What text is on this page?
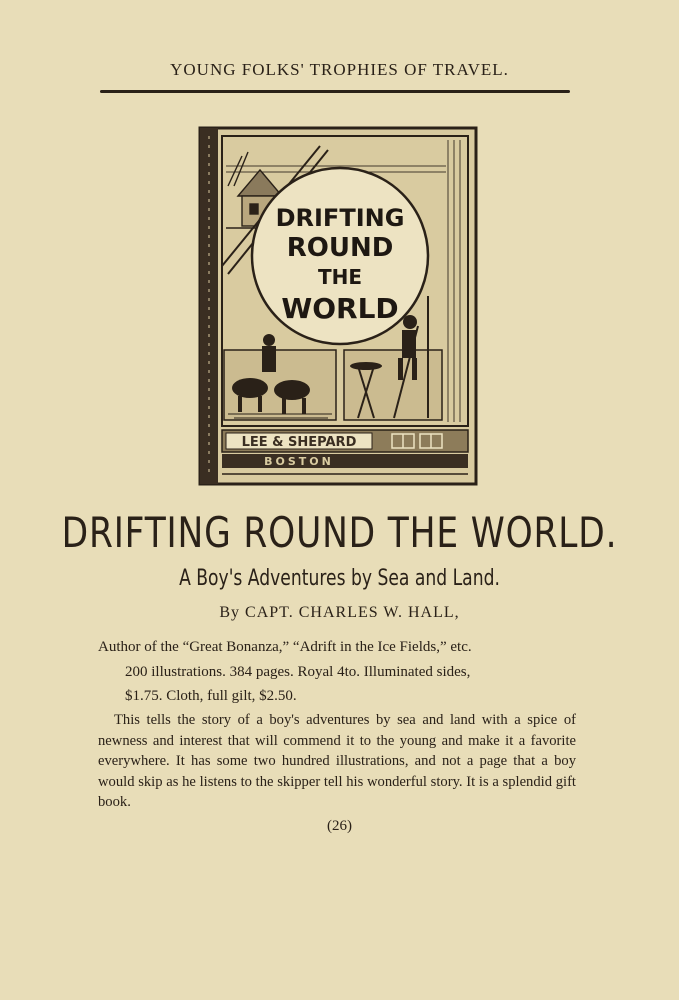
YOUNG FOLKS' TROPHIES OF TRAVEL.
DRIFTING
ROUND
THE
WORLD
LEE & SHEPARD
BOSTON
DRIFTING ROUND THE WORLD.
A Boy's Adventures by Sea and Land.
By CAPT. CHARLES W. HALL,
Author of the “Great Bonanza,” “Adrift in the Ice Fields,” etc.
200 illustrations. 384 pages. Royal 4to. Illuminated sides,
$1.75. Cloth, full gilt, $2.50.

This tells the story of a boy's adventures by sea and land with a spice of newness and interest that will commend it to the young and make it a favorite everywhere. It has some two hundred illustrations, and not a page that a boy would skip as he listens to the skipper tell his wonderful story. It is a splendid gift book.

(26)
